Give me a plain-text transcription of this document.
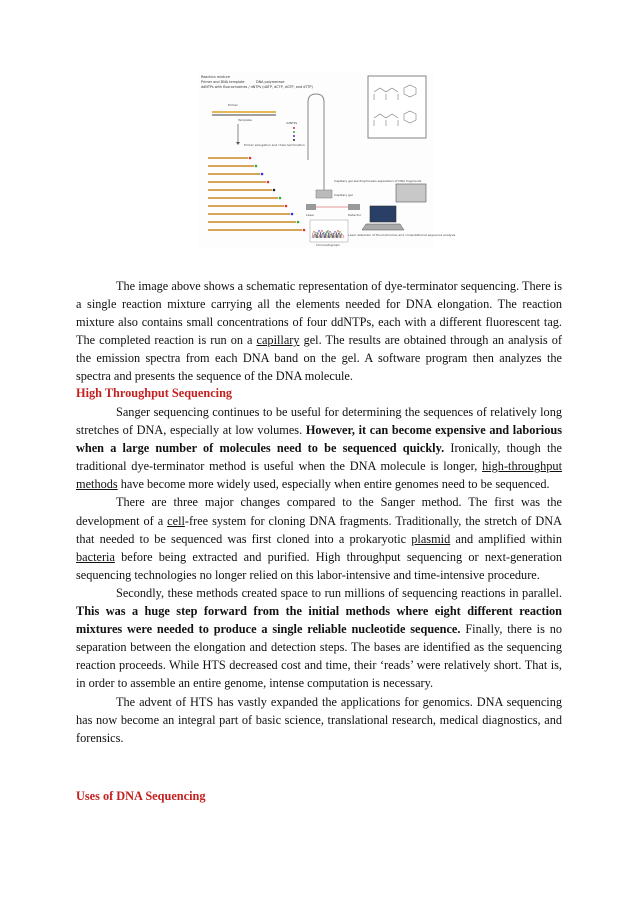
Reaction mixture
Primer and DNA template	DNA polymerase
ddNTPs with fluorochromes / dNTPs (dATP, dCTP, dGTP, and dTTP)
Primer
Template
ddNTPs
Primer elongation and chain termination
Capillary gel electrophoresis separation of DNA fragments
Capillary gel
Laser	Detector
Laser detection of fluorochromes and computational sequence analysis
Chromatograph

The image above shows a schematic representation of dye-terminator sequencing. There is a single reaction mixture carrying all the elements needed for DNA elongation. The reaction mixture also contains small concentrations of four ddNTPs, each with a different fluorescent tag. The completed reaction is run on a capillary gel. The results are obtained through an analysis of the emission spectra from each DNA band on the gel. A software program then analyzes the spectra and presents the sequence of the DNA molecule.

High Throughput Sequencing

Sanger sequencing continues to be useful for determining the sequences of relatively long stretches of DNA, especially at low volumes. However, it can become expensive and laborious when a large number of molecules need to be sequenced quickly. Ironically, though the traditional dye-terminator method is useful when the DNA molecule is longer, high-throughput methods have become more widely used, especially when entire genomes need to be sequenced.

There are three major changes compared to the Sanger method. The first was the development of a cell-free system for cloning DNA fragments. Traditionally, the stretch of DNA that needed to be sequenced was first cloned into a prokaryotic plasmid and amplified within bacteria before being extracted and purified. High throughput sequencing or next-generation sequencing technologies no longer relied on this labor-intensive and time-intensive procedure.

Secondly, these methods created space to run millions of sequencing reactions in parallel. This was a huge step forward from the initial methods where eight different reaction mixtures were needed to produce a single reliable nucleotide sequence. Finally, there is no separation between the elongation and detection steps. The bases are identified as the sequencing reaction proceeds. While HTS decreased cost and time, their ‘reads’ were relatively short. That is, in order to assemble an entire genome, intense computation is necessary.

The advent of HTS has vastly expanded the applications for genomics. DNA sequencing has now become an integral part of basic science, translational research, medical diagnostics, and forensics.

Uses of DNA Sequencing
